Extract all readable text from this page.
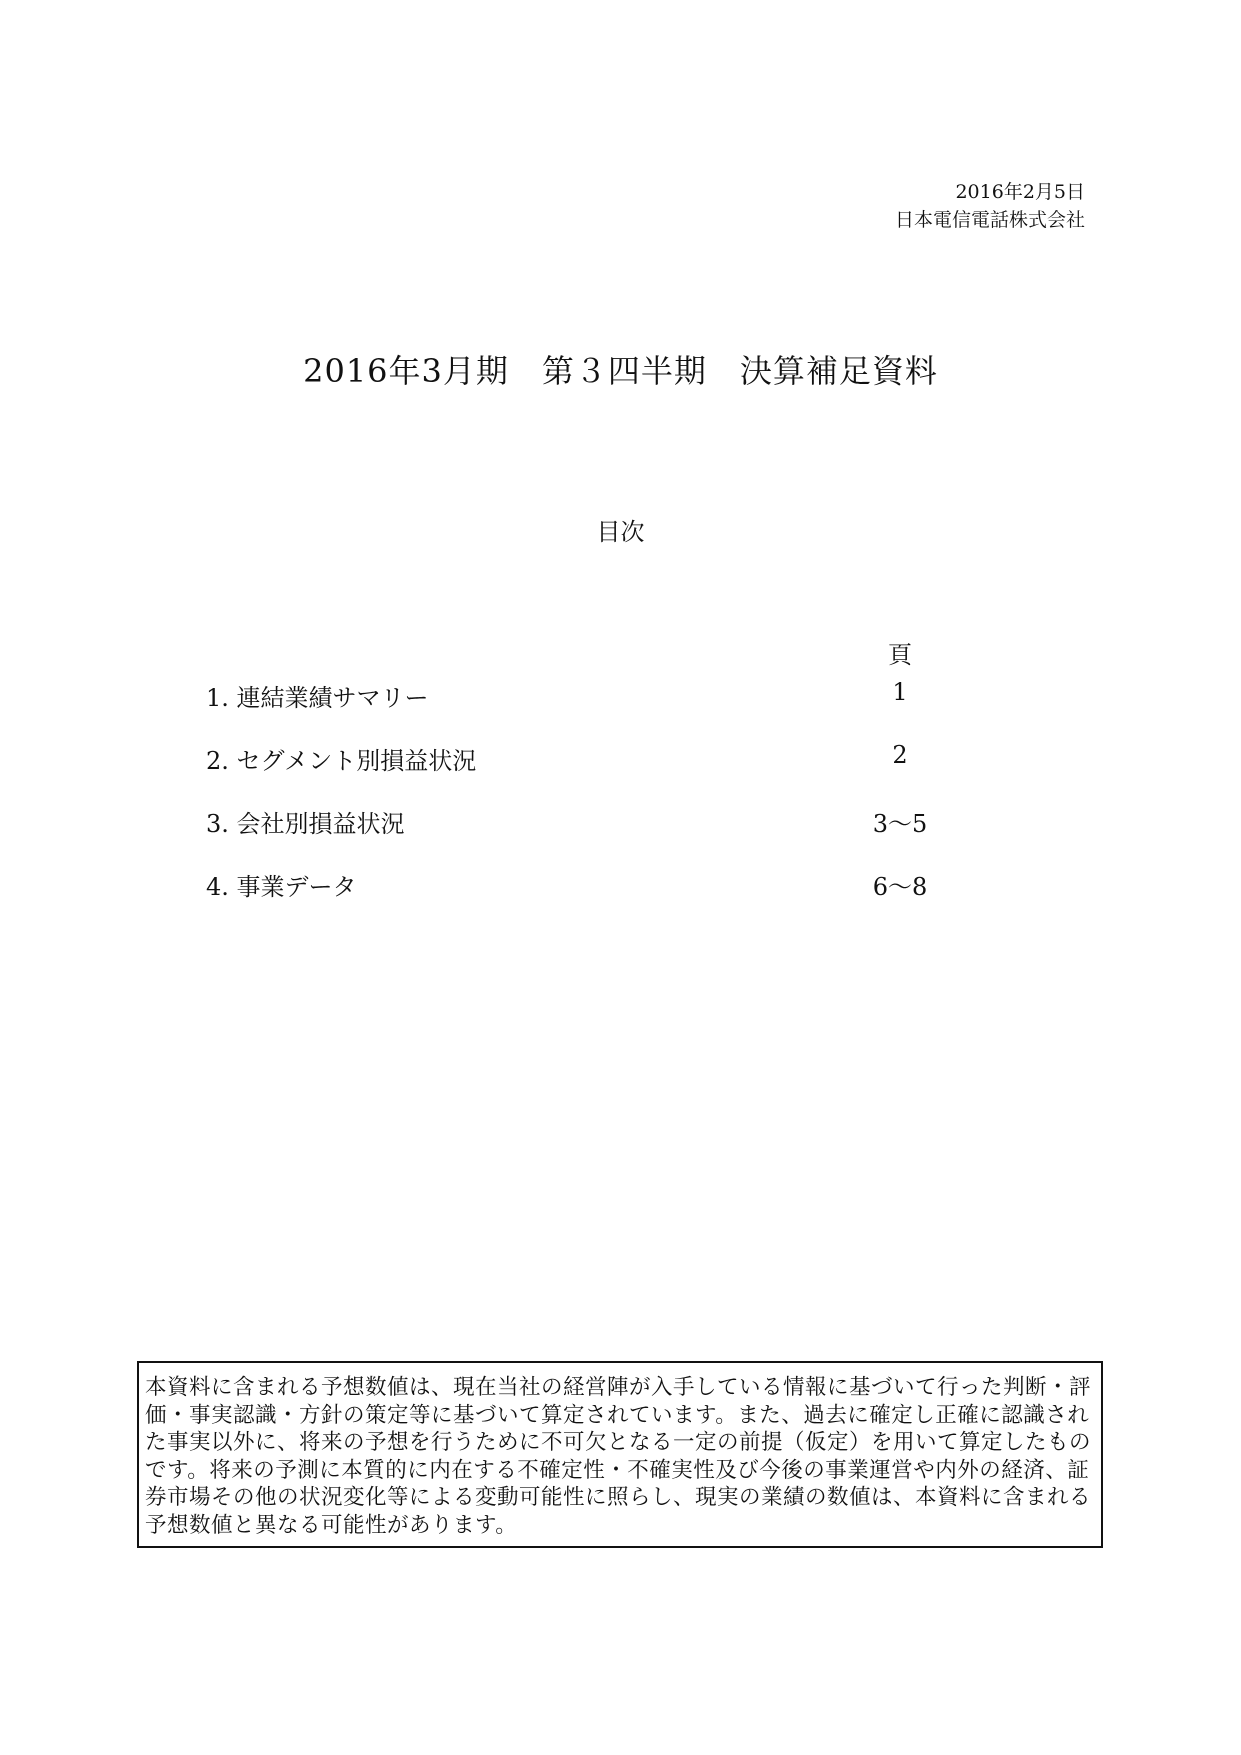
2016年2月5日
日本電信電話株式会社
2016年3月期　第３四半期　決算補足資料
目次
頁
1. 連結業績サマリー	1
2. セグメント別損益状況	2
3. 会社別損益状況	3～5
4. 事業データ	6～8
本資料に含まれる予想数値は、現在当社の経営陣が入手している情報に基づいて行った判断・評価・事実認識・方針の策定等に基づいて算定されています。また、過去に確定し正確に認識された事実以外に、将来の予想を行うために不可欠となる一定の前提（仮定）を用いて算定したものです。将来の予測に本質的に内在する不確定性・不確実性及び今後の事業運営や内外の経済、証券市場その他の状況変化等による変動可能性に照らし、現実の業績の数値は、本資料に含まれる予想数値と異なる可能性があります。
